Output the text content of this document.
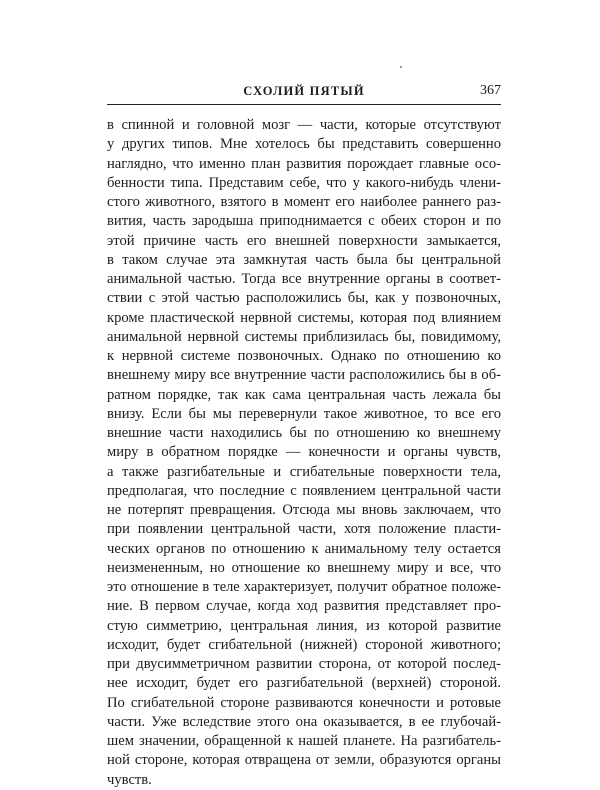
СХОЛИЙ ПЯТЫЙ	367
в спинной и головной мозг — части, которые отсутствуют
у других типов. Мне хотелось бы представить совершенно
наглядно, что именно план развития порождает главные осо-
бенности типа. Представим себе, что у какого-нибудь члени-
стого животного, взятого в момент его наиболее раннего раз-
вития, часть зародыша приподнимается с обеих сторон и по
этой причине часть его внешней поверхности замыкается,
в таком случае эта замкнутая часть была бы центральной
анимальной частью. Тогда все внутренние органы в соответ-
ствии с этой частью расположились бы, как у позвоночных,
кроме пластической нервной системы, которая под влиянием
анимальной нервной системы приблизилась бы, повидимому,
к нервной системе позвоночных. Однако по отношению ко
внешнему миру все внутренние части расположились бы в об-
ратном порядке, так как сама центральная часть лежала бы
внизу. Если бы мы перевернули такое животное, то все его
внешние части находились бы по отношению ко внешнему
миру в обратном порядке — конечности и органы чувств,
а также разгибательные и сгибательные поверхности тела,
предполагая, что последние с появлением центральной части
не потерпят превращения. Отсюда мы вновь заключаем, что
при появлении центральной части, хотя положение пласти-
ческих органов по отношению к анимальному телу остается
неизмененным, но отношение ко внешнему миру и все, что
это отношение в теле характеризует, получит обратное положе-
ние. В первом случае, когда ход развития представляет про-
стую симметрию, центральная линия, из которой развитие
исходит, будет сгибательной (нижней) стороной животного;
при двусимметричном развитии сторона, от которой послед-
нее исходит, будет его разгибательной (верхней) стороной.
По сгибательной стороне развиваются конечности и ротовые
части. Уже вследствие этого она оказывается, в ее глубочай-
шем значении, обращенной к нашей планете. На разгибатель-
ной стороне, которая отвращена от земли, образуются органы
чувств.
